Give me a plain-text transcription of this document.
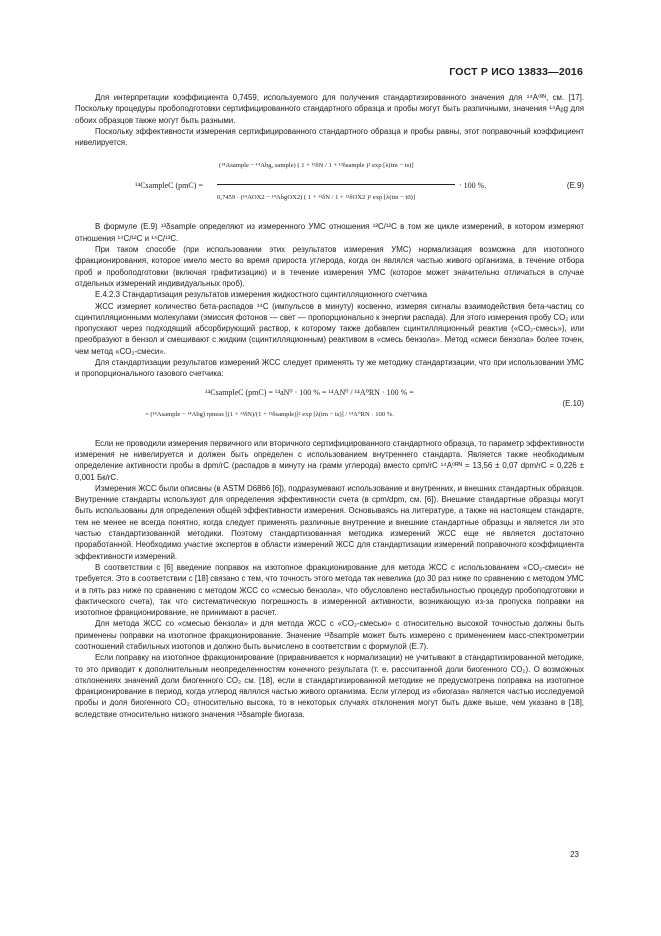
ГОСТ Р ИСО 13833—2016

Для интерпретации коэффициента 0,7459, используемого для получения стандартизированного значения для ¹⁴A⁰ᴵᴺ, см. [17]. Поскольку процедуры пробоподготовки сертифицированного стандартного образца и пробы могут быть различными, значения ¹⁴Aᵦg для обоих образцов также могут быть разными.

Поскольку эффективности измерения сертифицированного стандартного образца и пробы равны, этот поправочный коэффициент нивелируется.

¹⁴CsampleC (pmC) =
(¹⁴Asample − ¹⁴Abg, sample) ( 1 + ¹³δN / 1 + ¹³δsample )² exp [λ(tm − ts)]
0,7459 · (¹⁴AOX2 − ¹⁴AbgOX2) ( 1 + ¹³δN / 1 + ¹³δOX2 )² exp [λ(tm − t0)]
· 100 %.	(Е.9)

В формуле (Е.9) ¹³δsample определяют из измеренного УМС отношения ¹³C/¹²C в том же цикле измерений, в котором измеряют отношения ¹⁴C/¹²C и ¹⁴C/¹³C.

При таком способе (при использовании этих результатов измерения УМС) нормализация возможна для изотопного фракционирования, которое имело место во время прироста углерода, когда он являлся частью живого организма, в течение отбора проб и пробоподготовки (включая графитизацию) и в течение измерения УМС (которое может значительно отличаться в случае отдельных измерений индивидуальных проб).

Е.4.2.3 Стандартизация результатов измерения жидкостного сцинтилляционного счетчика

ЖСС измеряет количество бета-распадов ¹⁴C (импульсов в минуту) косвенно, измеряя сигналы взаимодействия бета-частиц со сцинтилляционными молекулами (эмиссия фотонов — свет — пропорционально к энергии распада). Для этого измерения пробу CO₂ или пропускают через подходящий абсорбирующий раствор, к которому также добавлен сцинтилляционный реактив («CO₂-смесь»), или преобразуют в бензол и смешивают с жидким (сцинтилляционным) реактивом в «смесь бензола». Метод «смеси бензола» более точен, чем метод «CO₂-смеси».

Для стандартизации результатов измерений ЖСС следует применять ту же методику стандартизации, что при использовании УМС и пропорционального газового счетчика:

¹⁴CsampleC (pmC) = ¹⁴aN⁰ · 100 % = ¹⁴AN⁰ / ¹⁴A⁰RN · 100 % =
= (¹⁴Asample − ¹⁴Abg) ηmeas [(1 + ¹³δN)/(1 + ¹³δsample)]² exp [λ(tm − ts)] / ¹⁴A⁰RN · 100 %.
(Е.10)

Если не проводили измерения первичного или вторичного сертифицированного стандартного образца, то параметр эффективности измерения не нивелируется и должен быть определен с использованием внутреннего стандарта. Является также необходимым определение активности пробы в dpm/rC (распадов в минуту на грамм углерода) вместо cpm/rC ¹⁴A⁰ᴿᴺ = 13,56 ± 0,07 dpm/rC = 0,226 ± 0,001 Бк/rC.

Измерения ЖСС были описаны (в ASTM D6866 [6]), подразумевают использование и внутренних, и внешних стандартных образцов. Внутренние стандарты используют для определения эффективности счета (в cpm/dpm, см. [6]). Внешние стандартные образцы могут быть использованы для определения общей эффективности измерения. Основываясь на литературе, а также на настоящем стандарте, тем не менее не всегда понятно, когда следует применять различные внутренние и внешние стандартные образцы и является ли это частью стандартизованной методики. Поэтому стандартизованная методика измерений ЖСС еще не является достаточно проработанной. Необходимо участие экспертов в области измерений ЖСС для стандартизации измерений поправочного коэффициента эффективности измерений.

В соответствии с [6] введение поправок на изотопное фракционирование для метода ЖСС с использованием «CO₂-смеси» не требуется. Это в соответствии с [18] связано с тем, что точность этого метода так невелика (до 30 раз ниже по сравнению с методом УМС и в пять раз ниже по сравнению с методом ЖСС со «смесью бензола», что обусловлено нестабильностью процедур пробоподготовки и фактического счета), так что систематическую погрешность в измеренной активности, возникающую из-за пропуска поправки на изотопное фракционирование, не принимают в расчет.

Для метода ЖСС со «смесью бензола» и для метода ЖСС с «CO₂-смесью» с относительно высокой точностью должны быть применены поправки на изотопное фракционирование. Значение ¹³δsample может быть измерено с применением масс-спектрометрии соотношений стабильных изотопов и должно быть вычислено в соответствии с формулой (Е.7).

Если поправку на изотопное фракционирование (приравнивается к нормализации) не учитывают в стандартизированной методике, то это приводит к дополнительным неопределенностям конечного результата (т. е. рассчитанной доли биогенного CO₂). О возможных отклонениях значений доли биогенного CO₂ см. [18], если в стандартизированной методике не предусмотрена поправка на изотопное фракционирование в период, когда углерод являлся частью живого организма. Если углерод из «биогаза» является частью исследуемой пробы и доля биогенного CO₂ относительно высока, то в некоторых случаях отклонения могут быть даже выше, чем указано в [18], вследствие относительно низкого значения ¹³δsample биогаза.

23
